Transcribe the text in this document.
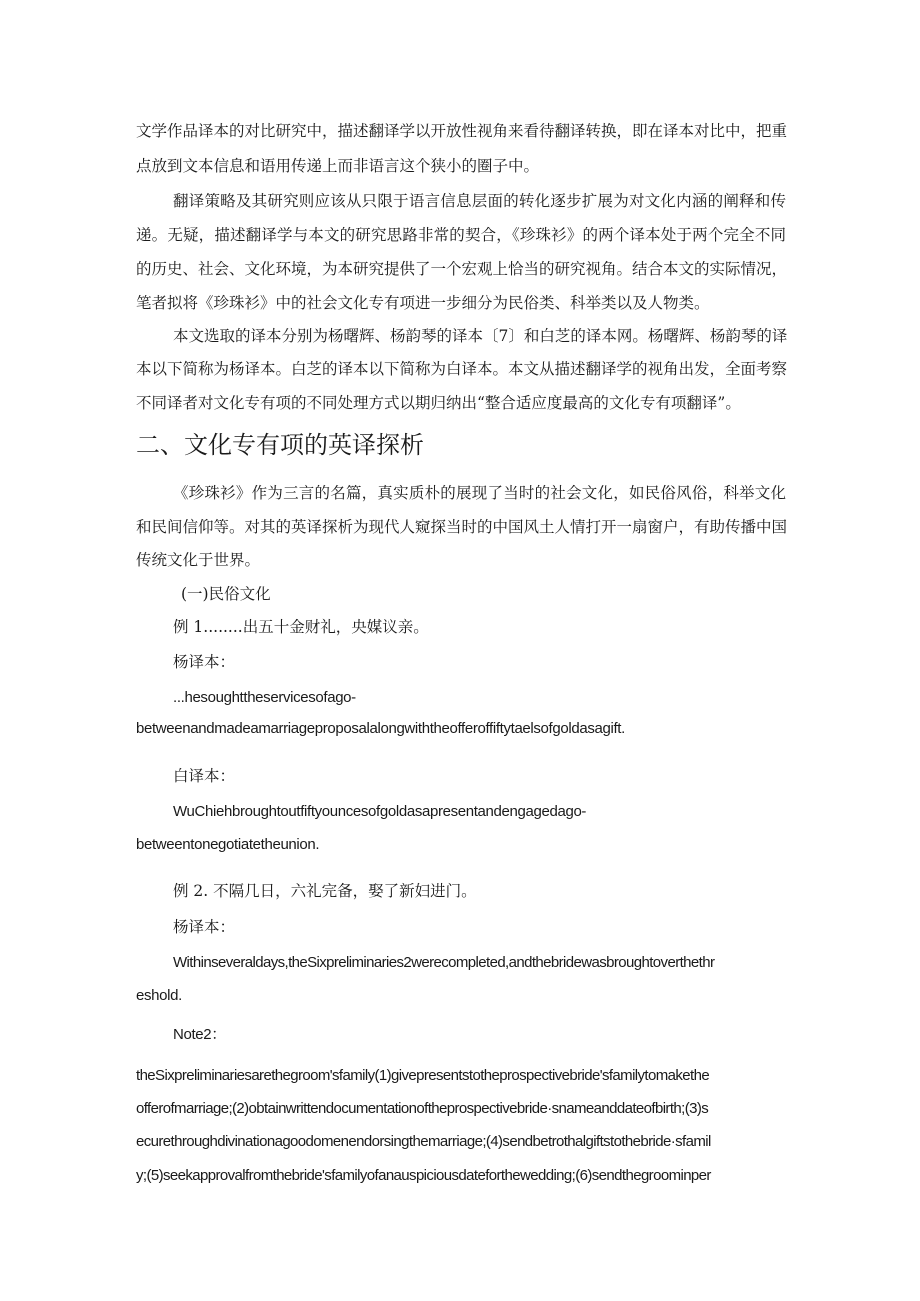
文学作品译本的对比研究中，描述翻译学以开放性视角来看待翻译转换，即在译本对比中，把重
点放到文本信息和语用传递上而非语言这个狭小的圈子中。
翻译策略及其研究则应该从只限于语言信息层面的转化逐步扩展为对文化内涵的阐释和传
递。无疑，描述翻译学与本文的研究思路非常的契合，《珍珠衫》的两个译本处于两个完全不同
的历史、社会、文化环境，为本研究提供了一个宏观上恰当的研究视角。结合本文的实际情况，
笔者拟将《珍珠衫》中的社会文化专有项进一步细分为民俗类、科举类以及人物类。
本文选取的译本分别为杨曙辉、杨韵琴的译本〔7〕和白芝的译本网。杨曙辉、杨韵琴的译
本以下简称为杨译本。白芝的译本以下简称为白译本。本文从描述翻译学的视角出发，全面考察
不同译者对文化专有项的不同处理方式以期归纳出“整合适应度最高的文化专有项翻译”。
二、文化专有项的英译探析
《珍珠衫》作为三言的名篇，真实质朴的展现了当时的社会文化，如民俗风俗，科举文化
和民间信仰等。对其的英译探析为现代人窥探当时的中国风土人情打开一扇窗户，有助传播中国
传统文化于世界。
(一)民俗文化
例 1........出五十金财礼，央媒议亲。
杨译本：
...hesoughttheservicesofago-
betweenandmadeamarriageproposalalongwiththeofferoffiftytaelsofgoldasagift.
白译本：
WuChiehbroughtoutfiftyouncesofgoldasapresentandengagedago-
betweentonegotiatetheunion.
例 2. 不隔几日，六礼完备，娶了新妇进门。
杨译本：
Withinseveraldays,theSixpreliminaries2werecompleted,andthebridewasbroughtoverthethr
eshold.
Note2：
theSixpreliminariesarethegroom'sfamily(1)givepresentstotheprospectivebride'sfamilytomakethe
offerofmarriage;(2)obtainwrittendocumentationoftheprospectivebride·snameanddateofbirth;(3)s
ecurethroughdivinationagoodomenendorsingthemarriage;(4)sendbetrothalgiftstothebride·sfamil
y;(5)seekapprovalfromthebride'sfamilyofanauspiciousdateforthewedding;(6)sendthegroominper
